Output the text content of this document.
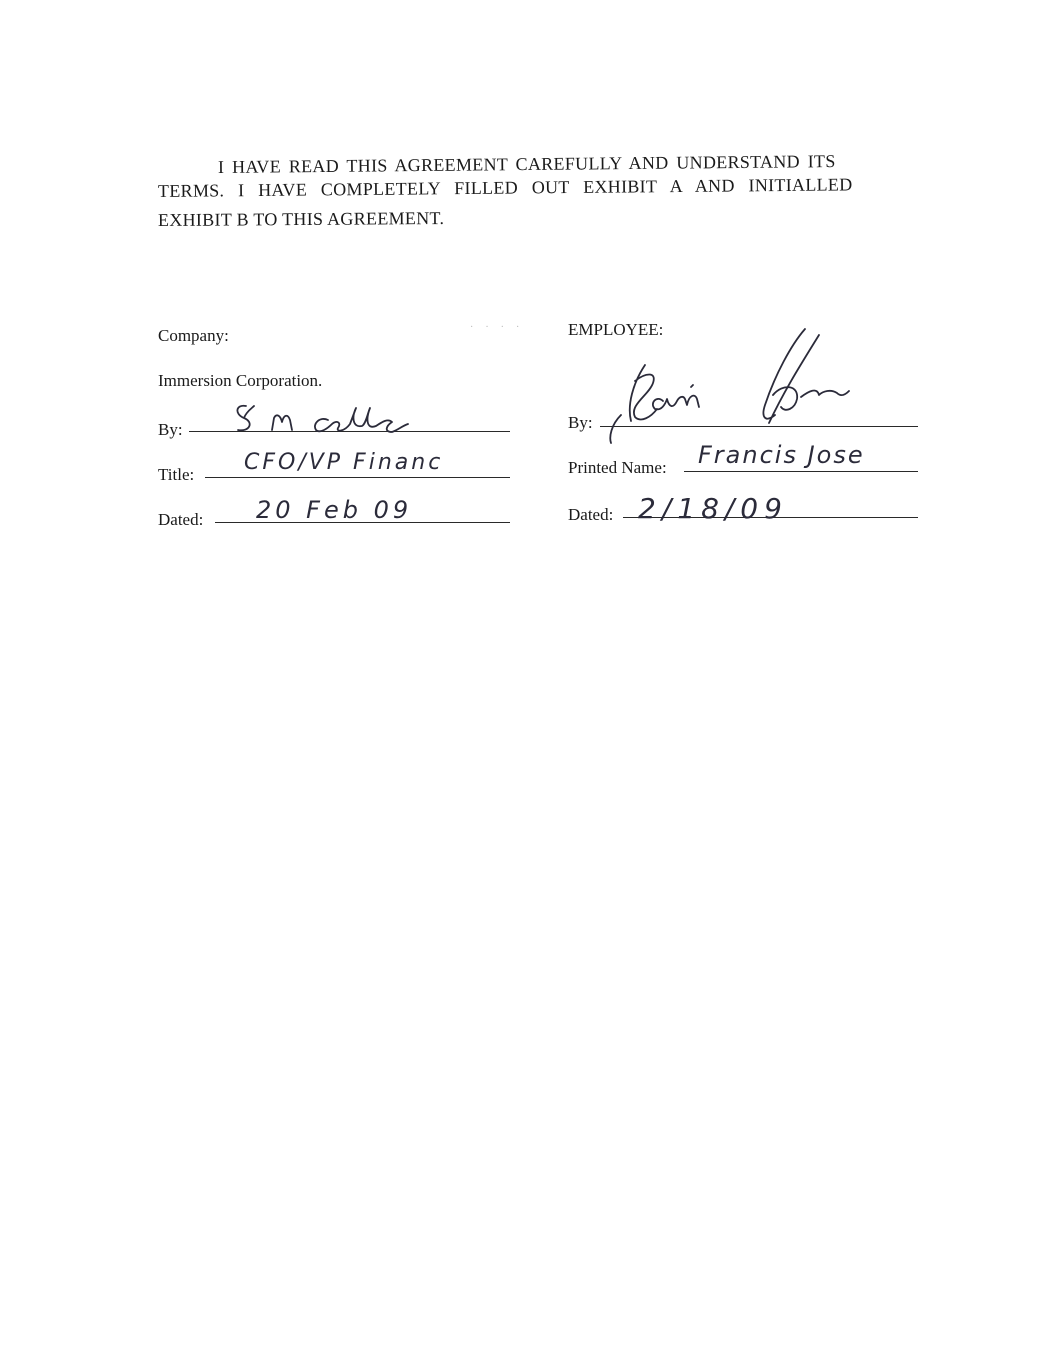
I HAVE READ THIS AGREEMENT CAREFULLY AND UNDERSTAND ITS
TERMS. I HAVE COMPLETELY FILLED OUT EXHIBIT A AND INITIALLED
EXHIBIT B TO THIS AGREEMENT.
····
Company:
Immersion Corporation.
By:
Title: CFO/VP Financ
Dated: 20 Feb 09
EMPLOYEE:
By:
Printed Name: Francis Jose
Dated: 2/18/09
